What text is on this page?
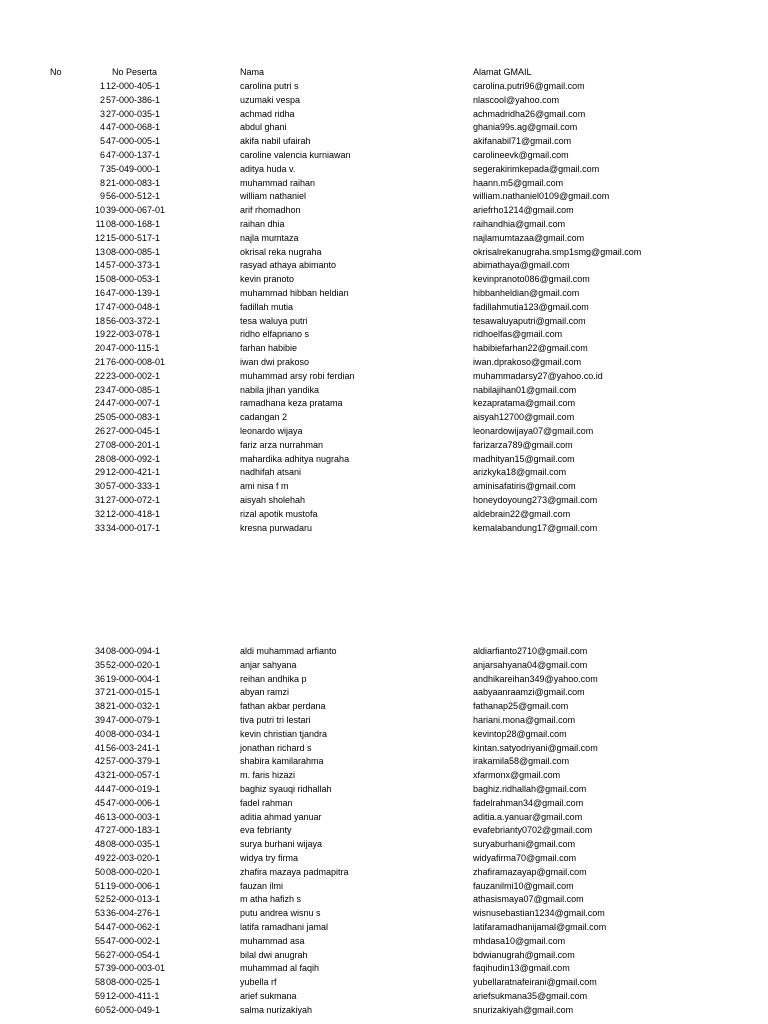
No	No Peserta	Nama	Alamat GMAIL
1 12-000-405-1	carolina putri s	carolina.putri96@gmail.com
2 57-000-386-1	uzumaki vespa	nlascool@yahoo.com
3 27-000-035-1	achmad ridha	achmadridha26@gmail.com
4 47-000-068-1	abdul ghani	ghania99s.ag@gmail.com
5 47-000-005-1	akifa nabil ufairah	akifanabil71@gmail.com
6 47-000-137-1	caroline valencia kurniawan	carolineevk@gmail.com
7 35-049-000-1	aditya huda v.	segerakirimkepada@gmail.com
8 21-000-083-1	muhammad raihan	haann.m5@gmail.com
9 56-000-512-1	william nathaniel	william.nathaniel0109@gmail.com
10 39-000-067-01	arif rhomadhon	ariefrho1214@gmail.com
11 08-000-168-1	raihan dhia	raihandhia@gmail.com
12 15-000-517-1	najla mumtaza	najlamumtazaa@gmail.com
13 08-000-085-1	okrisal reka nugraha	okrisalrekanugraha.smp1smg@gmail.com
14 57-000-373-1	rasyad athaya abimanto	abimathaya@gmail.com
15 08-000-053-1	kevin pranoto	kevinpranoto086@gmail.com
16 47-000-139-1	muhammad hibban heldian	hibbanheldian@gmail.com
17 47-000-048-1	fadillah mutia	fadillahmutia123@gmail.com
18 56-003-372-1	tesa waluya putri	tesawaluyaputri@gmail.com
19 22-003-078-1	ridho elfapriano s	ridhoelfas@gmail.com
20 47-000-115-1	farhan habibie	habibiefarhan22@gmail.com
21 76-000-008-01	iwan dwi prakoso	iwan.dprakoso@gmail.com
22 23-000-002-1	muhammad arsy robi ferdian	muhammadarsy27@yahoo.co.id
23 47-000-085-1	nabila jihan yandika	nabilajihan01@gmail.com
24 47-000-007-1	ramadhana keza pratama	kezapratama@gmail.com
25 05-000-083-1	cadangan 2	aisyah12700@gmail.com
26 27-000-045-1	leonardo wijaya	leonardowijaya07@gmail.com
27 08-000-201-1	fariz arza nurrahman	farizarza789@gmail.com
28 08-000-092-1	mahardika adhitya nugraha	madhityan15@gmail.com
29 12-000-421-1	nadhifah atsani	arizkyka18@gmail.com
30 57-000-333-1	ami nisa f m	aminisafatiris@gmail.com
31 27-000-072-1	aisyah sholehah	honeydoyoung273@gmail.com
32 12-000-418-1	rizal apotik mustofa	aldebrain22@gmail.com
33 34-000-017-1	kresna purwadaru	kemalabandung17@gmail.com
34 08-000-094-1	aldi muhammad arfianto	aldiarfianto2710@gmail.com
35 52-000-020-1	anjar sahyana	anjarsahyana04@gmail.com
36 19-000-004-1	reihan andhika p	andhikareihan349@yahoo.com
37 21-000-015-1	abyan ramzi	aabyaanraamzi@gmail.com
38 21-000-032-1	fathan akbar perdana	fathanap25@gmail.com
39 47-000-079-1	tiva putri tri lestari	hariani.mona@gmail.com
40 08-000-034-1	kevin christian tjandra	kevintop28@gmail.com
41 56-003-241-1	jonathan richard s	kintan.satyodriyani@gmail.com
42 57-000-379-1	shabira kamilarahma	irakamila58@gmail.com
43 21-000-057-1	m. faris hizazi	xfarmonx@gmail.com
44 47-000-019-1	baghiz syauqi ridhallah	baghiz.ridhallah@gmail.com
45 47-000-006-1	fadel rahman	fadelrahman34@gmail.com
46 13-000-003-1	aditia ahmad yanuar	aditia.a.yanuar@gmail.com
47 27-000-183-1	eva febrianty	evafebrianty0702@gmail.com
48 08-000-035-1	surya burhani wijaya	suryaburhani@gmail.com
49 22-003-020-1	widya try firma	widyafirma70@gmail.com
50 08-000-020-1	zhafira mazaya padmapitra	zhafiramazayap@gmail.com
51 19-000-006-1	fauzan ilmi	fauzanilmi10@gmail.com
52 52-000-013-1	m atha hafizh s	athasismaya07@gmail.com
53 36-004-276-1	putu andrea wisnu s	wisnusebastian1234@gmail.com
54 47-000-062-1	latifa ramadhani jamal	latifaramadhanijamal@gmail.com
55 47-000-002-1	muhammad asa	mhdasa10@gmail.com
56 27-000-054-1	bilal dwi anugrah	bdwianugrah@gmail.com
57 39-000-003-01	muhammad al faqih	faqihudin13@gmail.com
58 08-000-025-1	yubella rf	yubellaratnafeirani@gmail.com
59 12-000-411-1	arief sukmana	ariefsukmana35@gmail.com
60 52-000-049-1	salma nurizakiyah	snurizakiyah@gmail.com
